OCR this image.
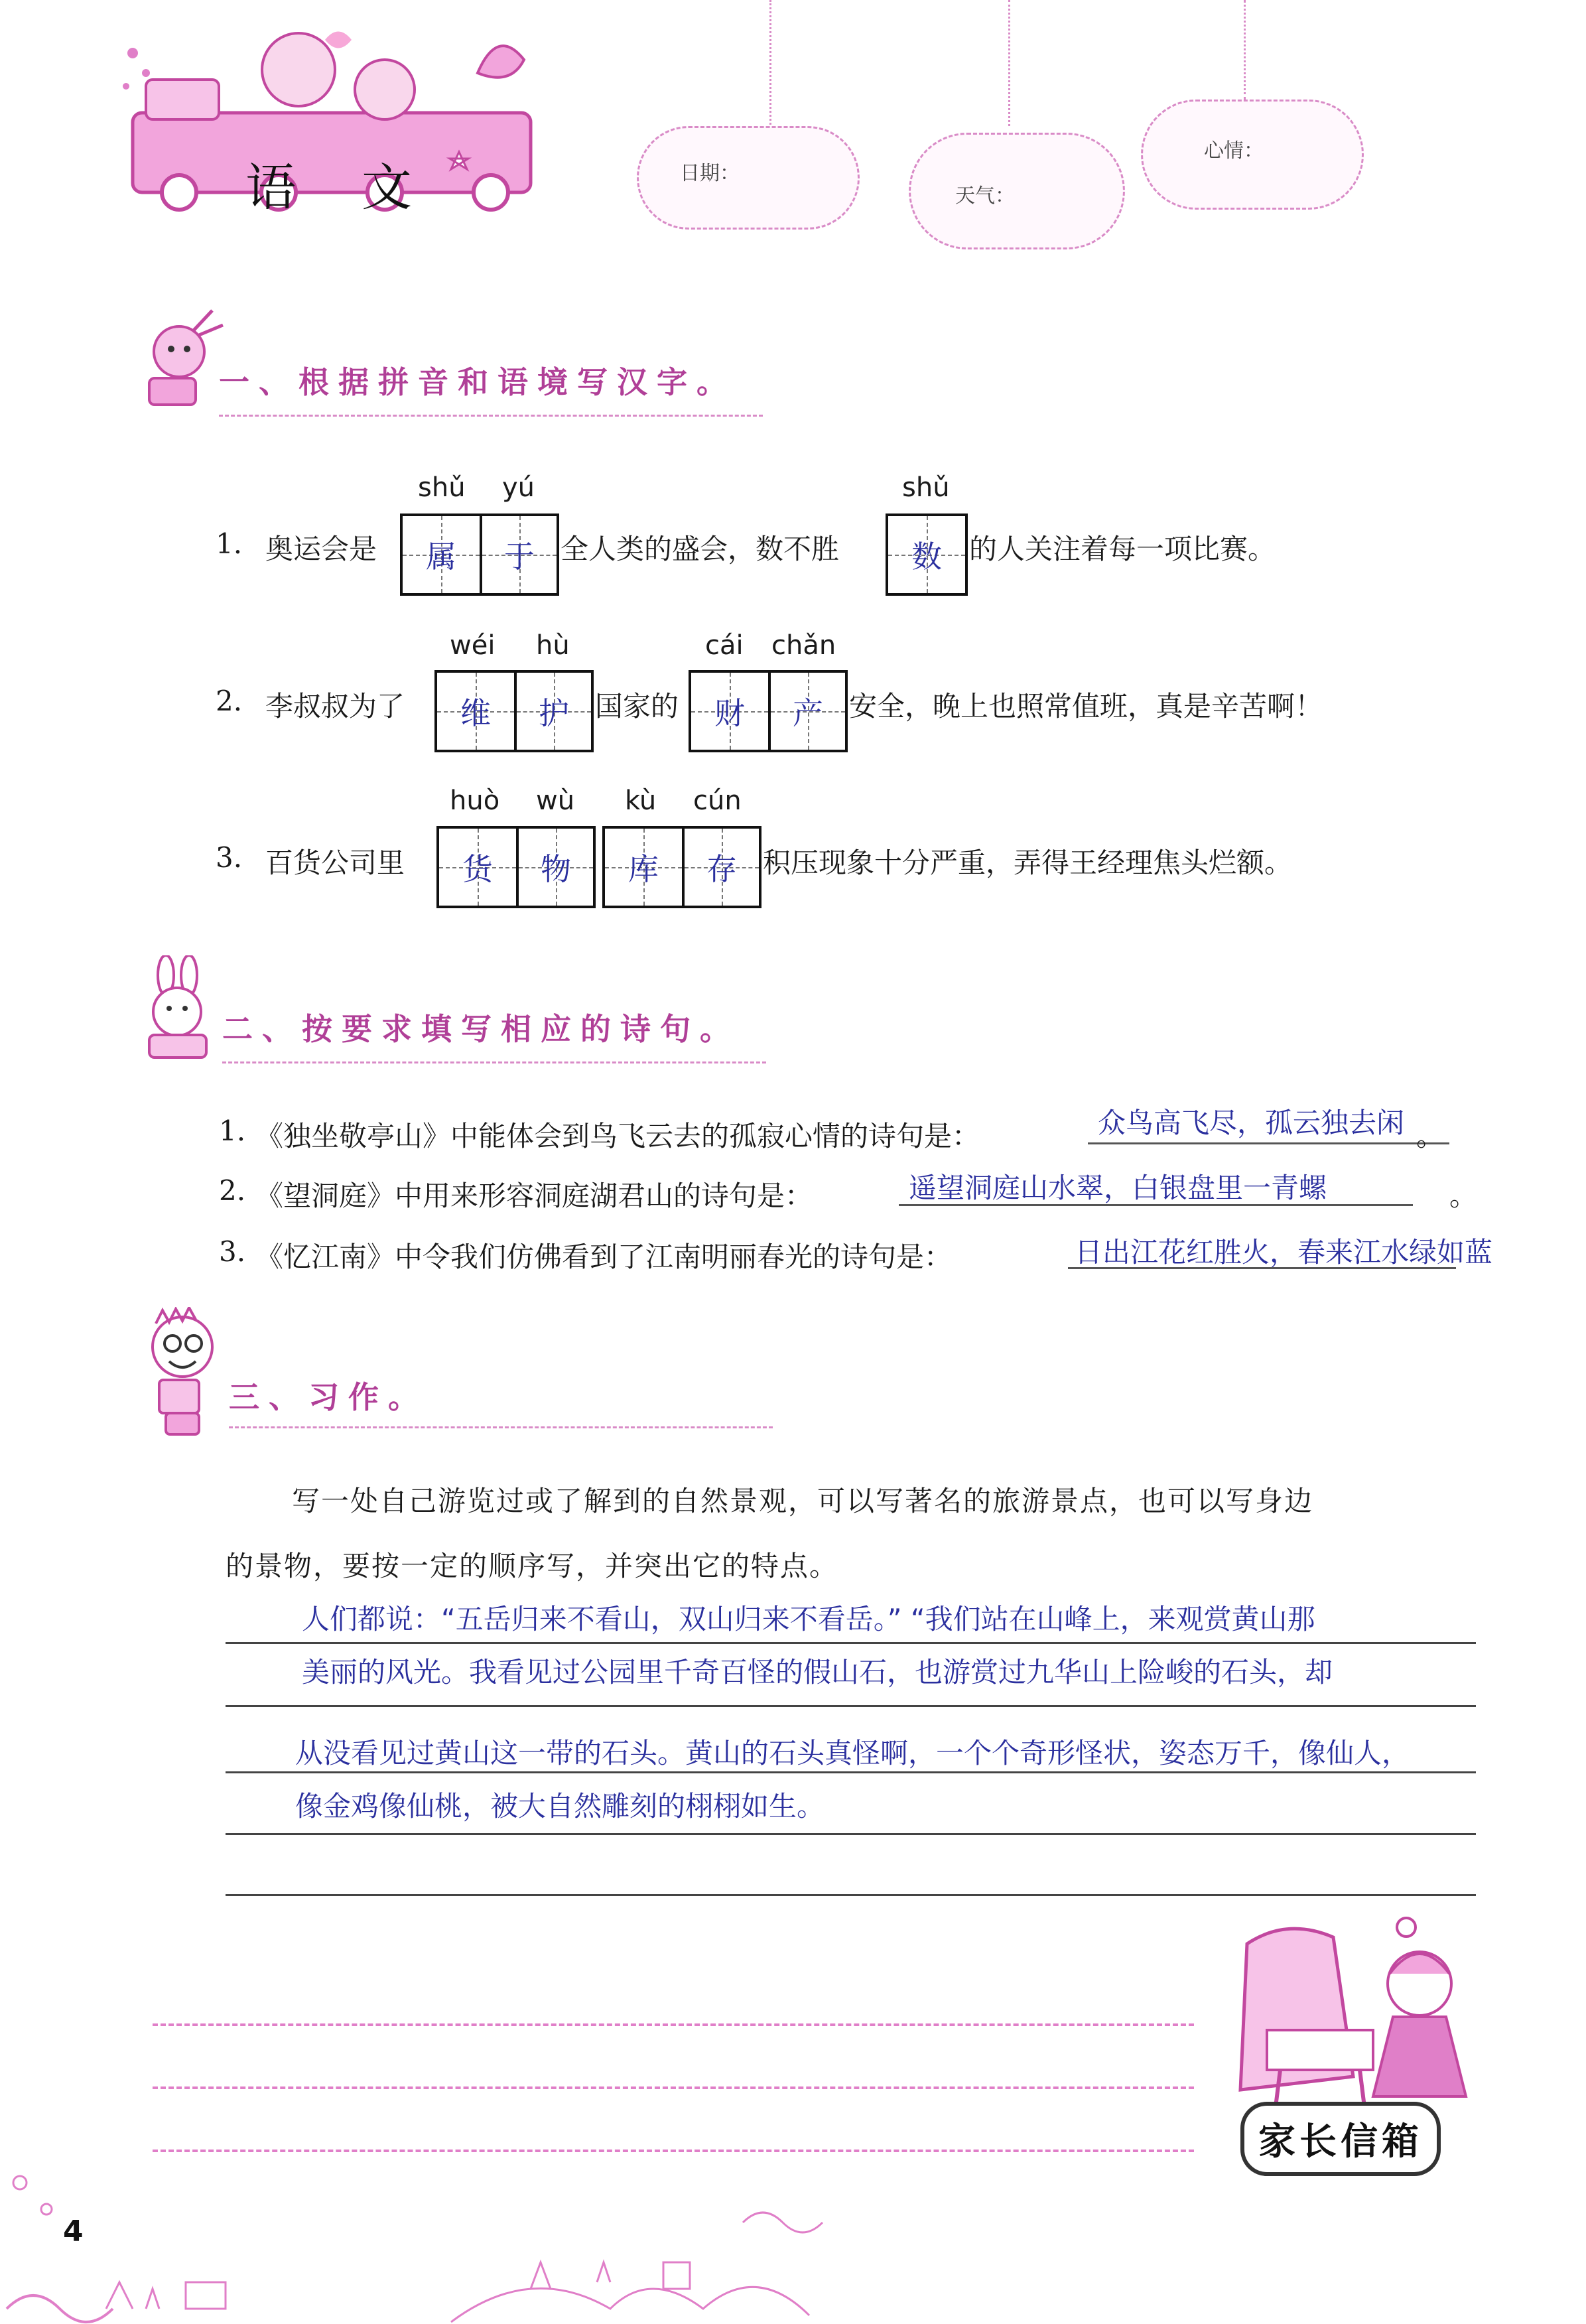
语 文	日期：
天气：
心情：
一、根据拼音和语境写汉字。
1. 奥运会是
shǔ yú
属 于 全人类的盛会，数不胜
shǔ
数 的人关注着每一项比赛。
2. 李叔叔为了
wéi hù
维 护 国家的
cái chǎn
财 产 安全，晚上也照常值班，真是辛苦啊！
3. 百货公司里
huò wù
货 物
kù cún
库 存 积压现象十分严重，弄得王经理焦头烂额。
二、按要求填写相应的诗句。
1. 《独坐敬亭山》中能体会到鸟飞云去的孤寂心情的诗句是：	众鸟高飞尽，孤云独去闲 。
2. 《望洞庭》中用来形容洞庭湖君山的诗句是：	遥望洞庭山水翠，白银盘里一青螺	。
3. 《忆江南》中令我们仿佛看到了江南明丽春光的诗句是：	日出江花红胜火，春来江水绿如蓝
三、习作。
写一处自己游览过或了解到的自然景观，可以写著名的旅游景点，也可以写身边
的景物，要按一定的顺序写，并突出它的特点。
人们都说：“五岳归来不看山，双山归来不看岳。” “我们站在山峰上，来观赏黄山那
美丽的风光。我看见过公园里千奇百怪的假山石，也游赏过九华山上险峻的石头，却
从没看见过黄山这一带的石头。黄山的石头真怪啊，一个个奇形怪状，姿态万千，像仙人，
像金鸡像仙桃，被大自然雕刻的栩栩如生。
家长信箱
4
